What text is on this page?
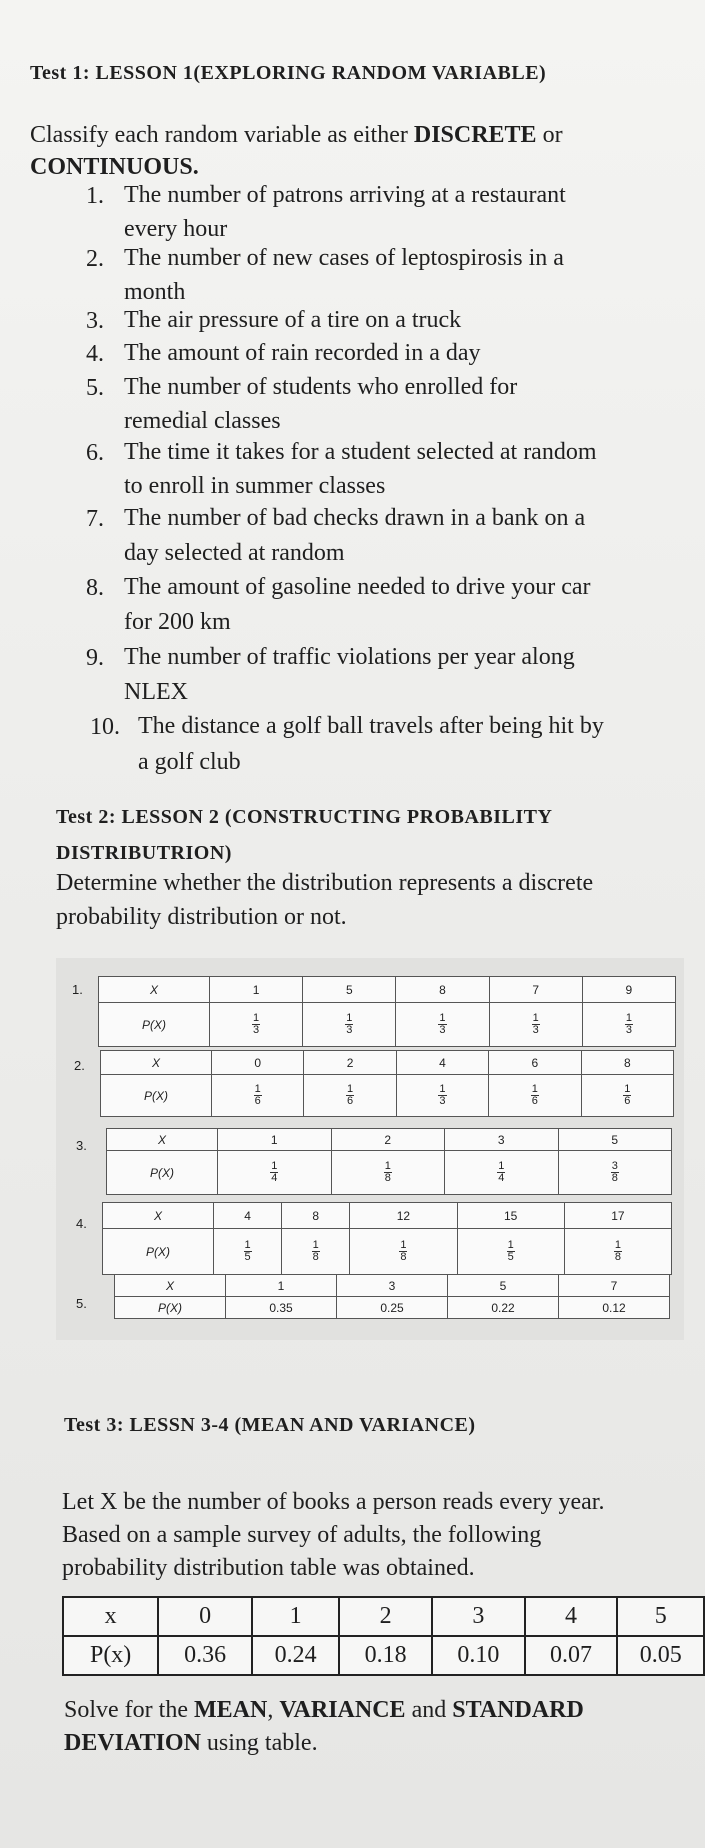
Test 1: LESSON 1(EXPLORING RANDOM VARIABLE)
Classify each random variable as either DISCRETE or
CONTINUOUS.
1. The number of patrons arriving at a restaurant
every hour
2. The number of new cases of leptospirosis in a
month
3. The air pressure of a tire on a truck
4. The amount of rain recorded in a day
5. The number of students who enrolled for
remedial classes
6. The time it takes for a student selected at random
to enroll in summer classes
7. The number of bad checks drawn in a bank on a
day selected at random
8. The amount of gasoline needed to drive your car
for 200 km
9. The number of traffic violations per year along
NLEX
10. The distance a golf ball travels after being hit by
a golf club
Test 2: LESSON 2 (CONSTRUCTING PROBABILITY
DISTRIBUTRION)
Determine whether the distribution represents a discrete
probability distribution or not.
1.	X	1	5	8	7	9
P(X)	$\frac{1}{3}$	$\frac{1}{3}$	$\frac{1}{3}$	$\frac{1}{3}$	$\frac{1}{3}$
2.	X	0	2	4	6	8
P(X)	$\frac{1}{6}$	$\frac{1}{6}$	$\frac{1}{3}$	$\frac{1}{6}$	$\frac{1}{6}$
3.	X	1	2	3	5
P(X)	$\frac{1}{4}$	$\frac{1}{8}$	$\frac{1}{4}$	$\frac{3}{8}$
4.
X	4	8	12	15	17
P(X)	$\frac{1}{5}$	$\frac{1}{8}$	$\frac{1}{8}$	$\frac{1}{5}$	$\frac{1}{8}$
5.
X	1	3	5	7
P(X)	0.35	0.25	0.22	0.12
Test 3: LESSN 3-4 (MEAN AND VARIANCE)
Let X be the number of books a person reads every year.
Based on a sample survey of adults, the following
probability distribution table was obtained.
x	0	1	2	3	4	5
P(x)	0.36	0.24	0.18	0.10	0.07	0.05
Solve for the MEAN, VARIANCE and STANDARD
DEVIATION using table.
